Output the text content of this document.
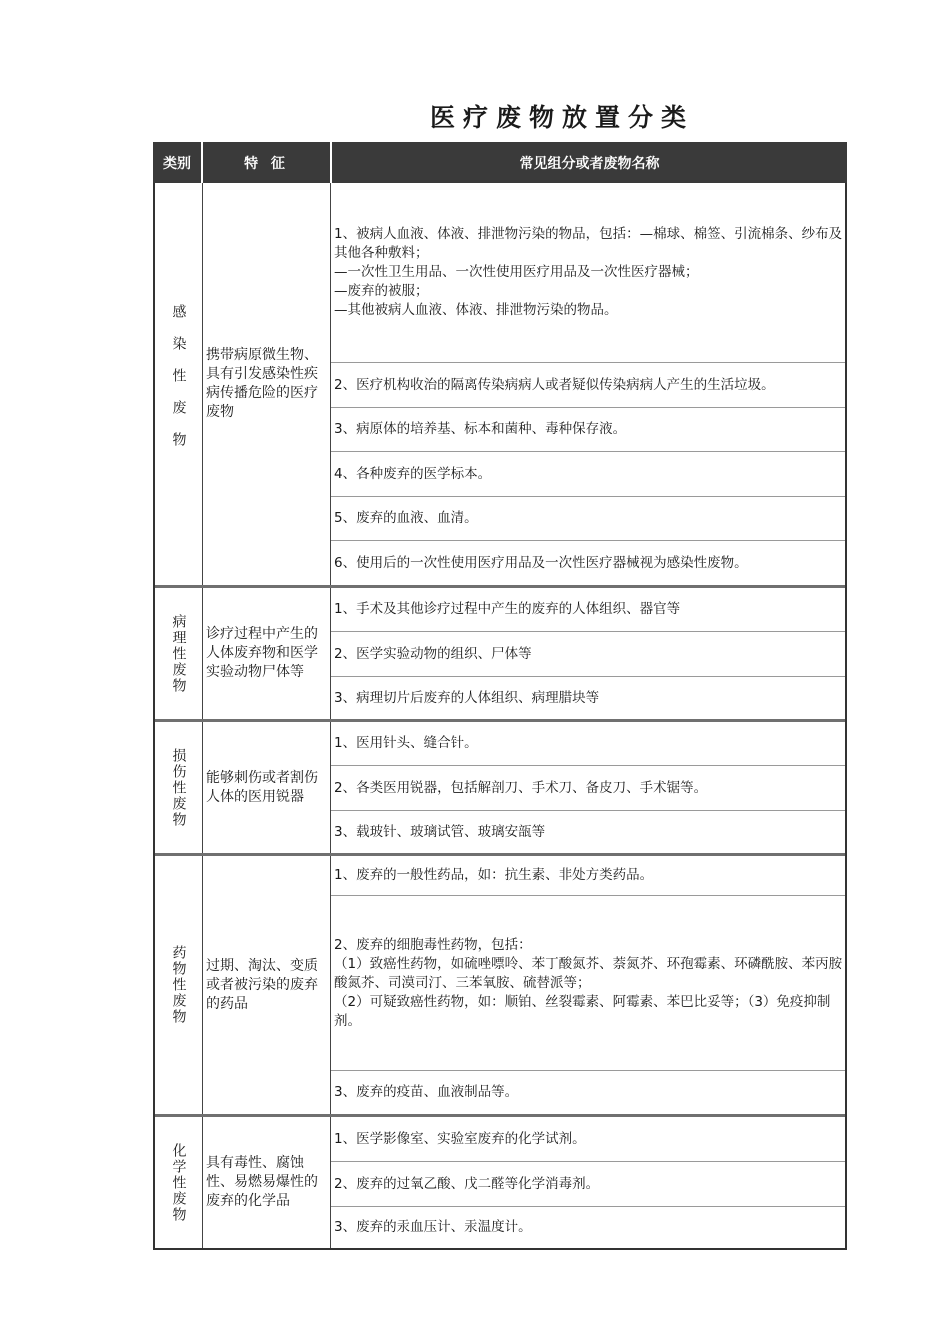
医疗废物放置分类
类别	特 征	常见组分或者废物名称
感染性废物 携带病原微生物、具有引发感染性疾病传播危险的医疗废物
1、被病人血液、体液、排泄物污染的物品，包括：—棉球、棉签、引流棉条、纱布及其他各种敷料；
—一次性卫生用品、一次性使用医疗用品及一次性医疗器械；
—废弃的被服；
—其他被病人血液、体液、排泄物污染的物品。
2、医疗机构收治的隔离传染病病人或者疑似传染病病人产生的生活垃圾。
3、病原体的培养基、标本和菌种、毒种保存液。
4、各种废弃的医学标本。
5、废弃的血液、血清。
6、使用后的一次性使用医疗用品及一次性医疗器械视为感染性废物。
病理性废物 诊疗过程中产生的人体废弃物和医学实验动物尸体等
1、手术及其他诊疗过程中产生的废弃的人体组织、器官等
2、医学实验动物的组织、尸体等
3、病理切片后废弃的人体组织、病理腊块等
损伤性废物 能够刺伤或者割伤人体的医用锐器
1、医用针头、缝合针。
2、各类医用锐器，包括解剖刀、手术刀、备皮刀、手术锯等。
3、载玻针、玻璃试管、玻璃安瓿等
药物性废物 过期、淘汰、变质或者被污染的废弃的药品
1、废弃的一般性药品，如：抗生素、非处方类药品。
2、废弃的细胞毒性药物，包括：
（1）致癌性药物，如硫唑嘌呤、苯丁酸氮芥、萘氮芥、环孢霉素、环磷酰胺、苯丙胺酸氮芥、司漠司汀、三苯氧胺、硫替派等；
（2）可疑致癌性药物，如：顺铂、丝裂霉素、阿霉素、苯巴比妥等；（3）免疫抑制剂。
3、废弃的疫苗、血液制品等。
化学性废物 具有毒性、腐蚀性、易燃易爆性的废弃的化学品
1、医学影像室、实验室废弃的化学试剂。
2、废弃的过氧乙酸、戊二醛等化学消毒剂。
3、废弃的汞血压计、汞温度计。
